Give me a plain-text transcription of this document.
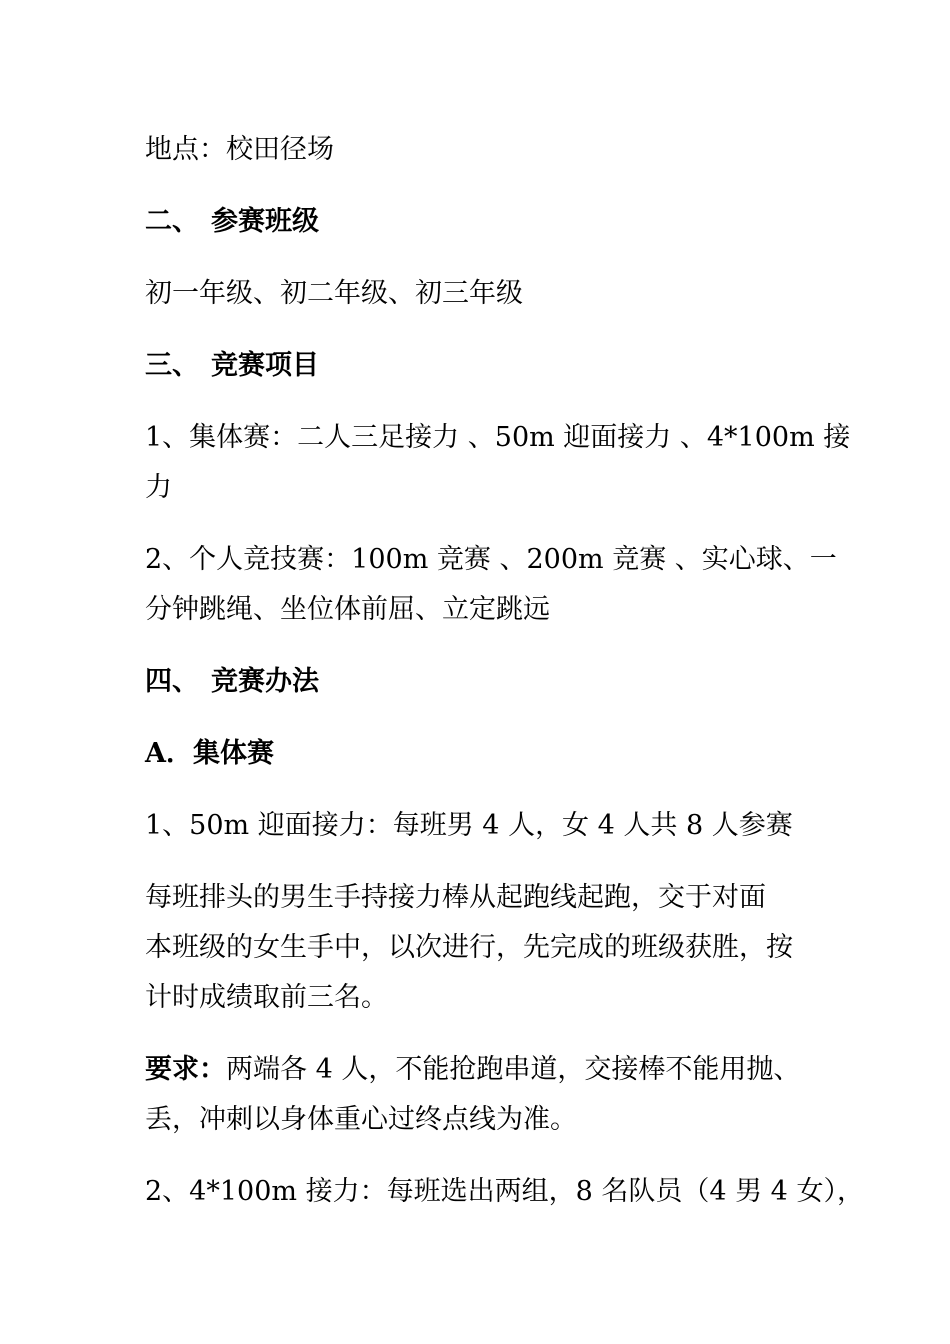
地点：校田径场
二、 参赛班级
初一年级、初二年级、初三年级
三、 竞赛项目
1、集体赛：二人三足接力 、50m 迎面接力 、4*100m 接
力
2、个人竞技赛：100m 竞赛 、200m 竞赛 、实心球、一
分钟跳绳、坐位体前屈、立定跳远
四、 竞赛办法
A．集体赛
1、50m 迎面接力：每班男 4 人，女 4 人共 8 人参赛
每班排头的男生手持接力棒从起跑线起跑，交于对面
本班级的女生手中，以次进行，先完成的班级获胜，按
计时成绩取前三名。
要求：两端各 4 人，不能抢跑串道，交接棒不能用抛、
丢，冲刺以身体重心过终点线为准。
2、4*100m 接力：每班选出两组，8 名队员（4 男 4 女），
